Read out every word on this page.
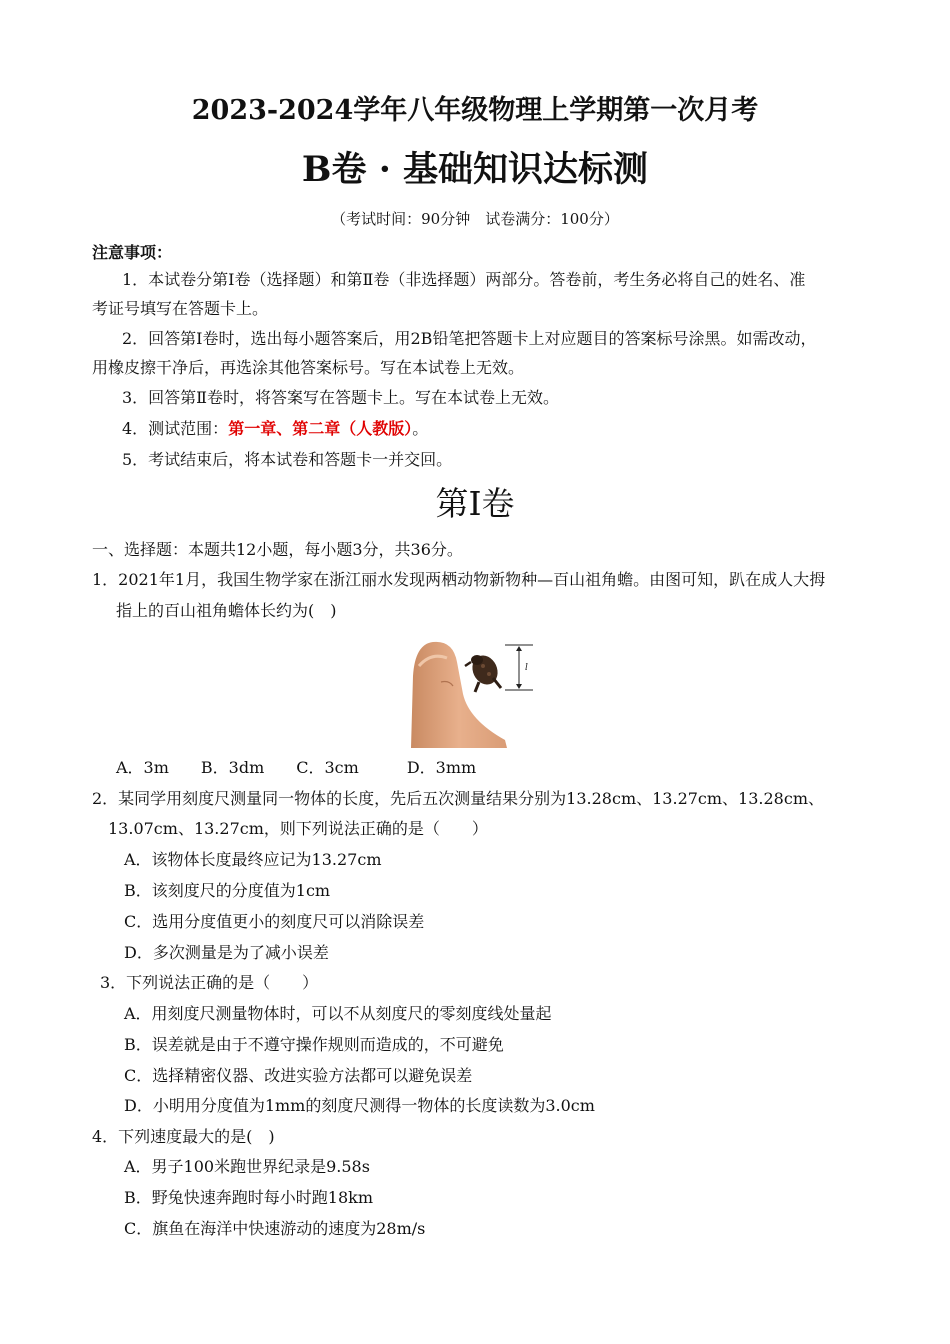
2023-2024学年八年级物理上学期第一次月考
B卷 · 基础知识达标测
（考试时间：90分钟　试卷满分：100分）
注意事项：
1．本试卷分第Ⅰ卷（选择题）和第Ⅱ卷（非选择题）两部分。答卷前，考生务必将自己的姓名、准
考证号填写在答题卡上。
2．回答第Ⅰ卷时，选出每小题答案后，用2B铅笔把答题卡上对应题目的答案标号涂黑。如需改动，
用橡皮擦干净后，再选涂其他答案标号。写在本试卷上无效。
3．回答第Ⅱ卷时，将答案写在答题卡上。写在本试卷上无效。
4．测试范围：第一章、第二章（人教版）。
5．考试结束后，将本试卷和答题卡一并交回。
第Ⅰ卷
一、选择题：本题共12小题，每小题3分，共36分。
1．2021年1月，我国生物学家在浙江丽水发现两栖动物新物种—百山祖角蟾。由图可知，趴在成人大拇
指上的百山祖角蟾体长约为(　)
l
A．3m　　B．3dm　　C．3cm　　　D．3mm
2．某同学用刻度尺测量同一物体的长度，先后五次测量结果分别为13.28cm、13.27cm、13.28cm、
13.07cm、13.27cm，则下列说法正确的是（　　）
A．该物体长度最终应记为13.27cm
B．该刻度尺的分度值为1cm
C．选用分度值更小的刻度尺可以消除误差
D．多次测量是为了减小误差
3．下列说法正确的是（　　）
A．用刻度尺测量物体时，可以不从刻度尺的零刻度线处量起
B．误差就是由于不遵守操作规则而造成的，不可避免
C．选择精密仪器、改进实验方法都可以避免误差
D．小明用分度值为1mm的刻度尺测得一物体的长度读数为3.0cm
4．下列速度最大的是(　)
A．男子100米跑世界纪录是9.58s
B．野兔快速奔跑时每小时跑18km
C．旗鱼在海洋中快速游动的速度为28m/s
